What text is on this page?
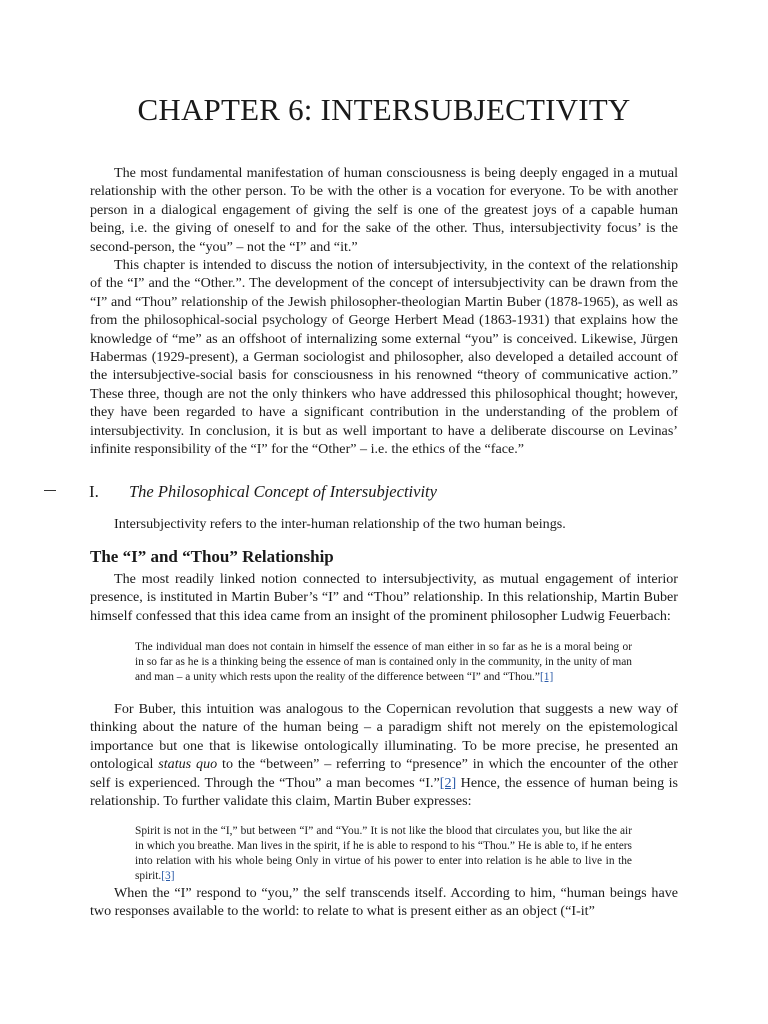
CHAPTER 6: INTERSUBJECTIVITY

The most fundamental manifestation of human consciousness is being deeply engaged in a mutual relationship with the other person. To be with the other is a vocation for everyone. To be with another person in a dialogical engagement of giving the self is one of the greatest joys of a capable human being, i.e. the giving of oneself to and for the sake of the other. Thus, intersubjectivity focus’ is the second-person, the “you” – not the “I” and “it.”

This chapter is intended to discuss the notion of intersubjectivity, in the context of the relationship of the “I” and the “Other.”. The development of the concept of intersubjectivity can be drawn from the “I” and “Thou” relationship of the Jewish philosopher-theologian Martin Buber (1878-1965), as well as from the philosophical-social psychology of George Herbert Mead (1863-1931) that explains how the knowledge of “me” as an offshoot of internalizing some external “you” is conceived. Likewise, Jürgen Habermas (1929-present), a German sociologist and philosopher, also developed a detailed account of the intersubjective-social basis for consciousness in his renowned “theory of communicative action.” These three, though are not the only thinkers who have addressed this philosophical thought; however, they have been regarded to have a significant contribution in the understanding of the problem of intersubjectivity. In conclusion, it is but as well important to have a deliberate discourse on Levinas’ infinite responsibility of the “I” for the “Other” – i.e. the ethics of the “face.”

I. The Philosophical Concept of Intersubjectivity
Intersubjectivity refers to the inter-human relationship of the two human beings.
The “I” and “Thou” Relationship

The most readily linked notion connected to intersubjectivity, as mutual engagement of interior presence, is instituted in Martin Buber’s “I” and “Thou” relationship. In this relationship, Martin Buber himself confessed that this idea came from an insight of the prominent philosopher Ludwig Feuerbach:

The individual man does not contain in himself the essence of man either in so far as he is a moral being or in so far as he is a thinking being the essence of man is contained only in the community, in the unity of man and man – a unity which rests upon the reality of the difference between “I” and “Thou.”[1]

For Buber, this intuition was analogous to the Copernican revolution that suggests a new way of thinking about the nature of the human being – a paradigm shift not merely on the epistemological importance but one that is likewise ontologically illuminating. To be more precise, he presented an ontological status quo to the “between” – referring to “presence” in which the encounter of the other self is experienced. Through the “Thou” a man becomes “I.”[2] Hence, the essence of human being is relationship. To further validate this claim, Martin Buber expresses:

Spirit is not in the “I,” but between “I” and “You.” It is not like the blood that circulates you, but like the air in which you breathe. Man lives in the spirit, if he is able to respond to his “Thou.” He is able to, if he enters into relation with his whole being Only in virtue of his power to enter into relation is he able to live in the spirit.[3]

When the “I” respond to “you,” the self transcends itself. According to him, “human beings have two responses available to the world: to relate to what is present either as an object (“I-it”
